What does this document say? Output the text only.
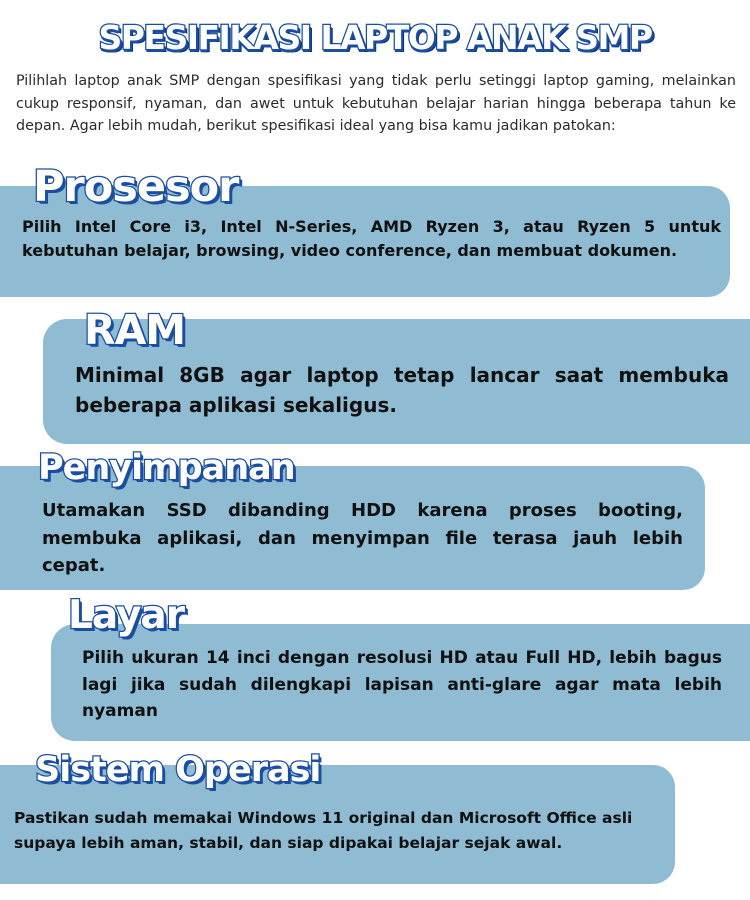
SPESIFIKASI LAPTOP ANAK SMP

Pilihlah laptop anak SMP dengan spesifikasi yang tidak perlu setinggi laptop gaming, melainkan cukup responsif, nyaman, dan awet untuk kebutuhan belajar harian hingga beberapa tahun ke depan. Agar lebih mudah, berikut spesifikasi ideal yang bisa kamu jadikan patokan:

Prosesor

Pilih Intel Core i3, Intel N-Series, AMD Ryzen 3, atau Ryzen 5 untuk kebutuhan belajar, browsing, video conference, dan membuat dokumen.

RAM

Minimal 8GB agar laptop tetap lancar saat membuka beberapa aplikasi sekaligus.

Penyimpanan

Utamakan SSD dibanding HDD karena proses booting, membuka aplikasi, dan menyimpan file terasa jauh lebih cepat.

Layar

Pilih ukuran 14 inci dengan resolusi HD atau Full HD, lebih bagus lagi jika sudah dilengkapi lapisan anti-glare agar mata lebih nyaman

Sistem Operasi

Pastikan sudah memakai Windows 11 original dan Microsoft Office asli supaya lebih aman, stabil, dan siap dipakai belajar sejak awal.
